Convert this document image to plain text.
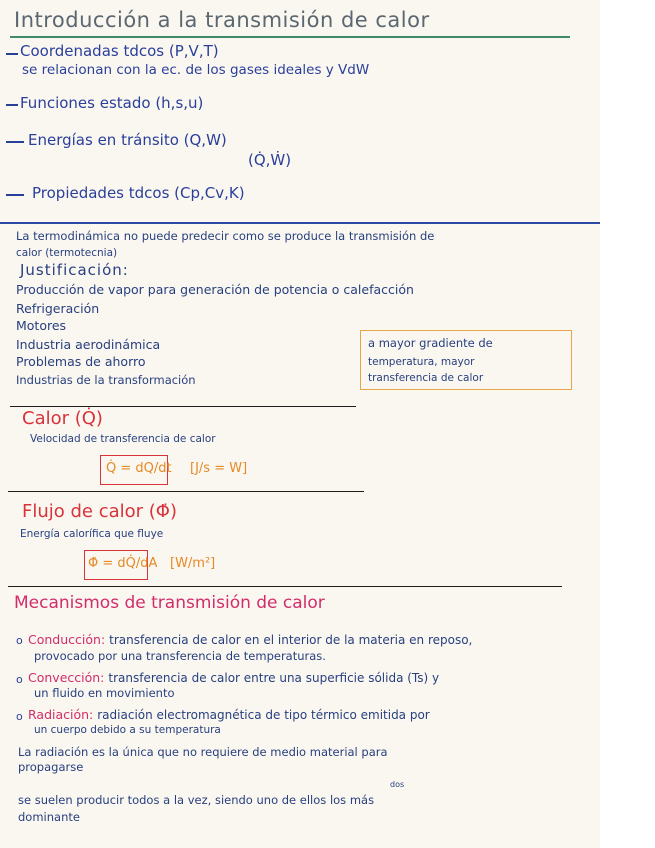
Introducción a la transmisión de calor
Coordenadas tdcos (P,V,T)
se relacionan con la ec. de los gases ideales y VdW
Funciones estado (h,s,u)
Energías en tránsito (Q,W)
(Q̇,Ẇ)
Propiedades tdcos (Cp,Cv,K)
La termodinámica no puede predecir como se produce la transmisión de
calor (termotecnia)
Justificación:
Producción de vapor para generación de potencia o calefacción
Refrigeración
Motores
Industria aerodinámica
Problemas de ahorro
Industrias de la transformación
a mayor gradiente de
temperatura, mayor
transferencia de calor
Calor (Q̇)
Velocidad de transferencia de calor
Q̇ = dQ/dt [J/s = W]
Flujo de calor (Φ̇)
Energía calorífica que fluye
Φ̇ = dQ̇/dA [W/m²]
Mecanismos de transmisión de calor
o Conducción: transferencia de calor en el interior de la materia en reposo,
provocado por una transferencia de temperaturas.
o Convección: transferencia de calor entre una superficie sólida (Ts) y
un fluido en movimiento
o Radiación: radiación electromagnética de tipo térmico emitida por
un cuerpo debido a su temperatura
La radiación es la única que no requiere de medio material para
propagarse
dos
se suelen producir todos a la vez, siendo uno de ellos los más
dominante
